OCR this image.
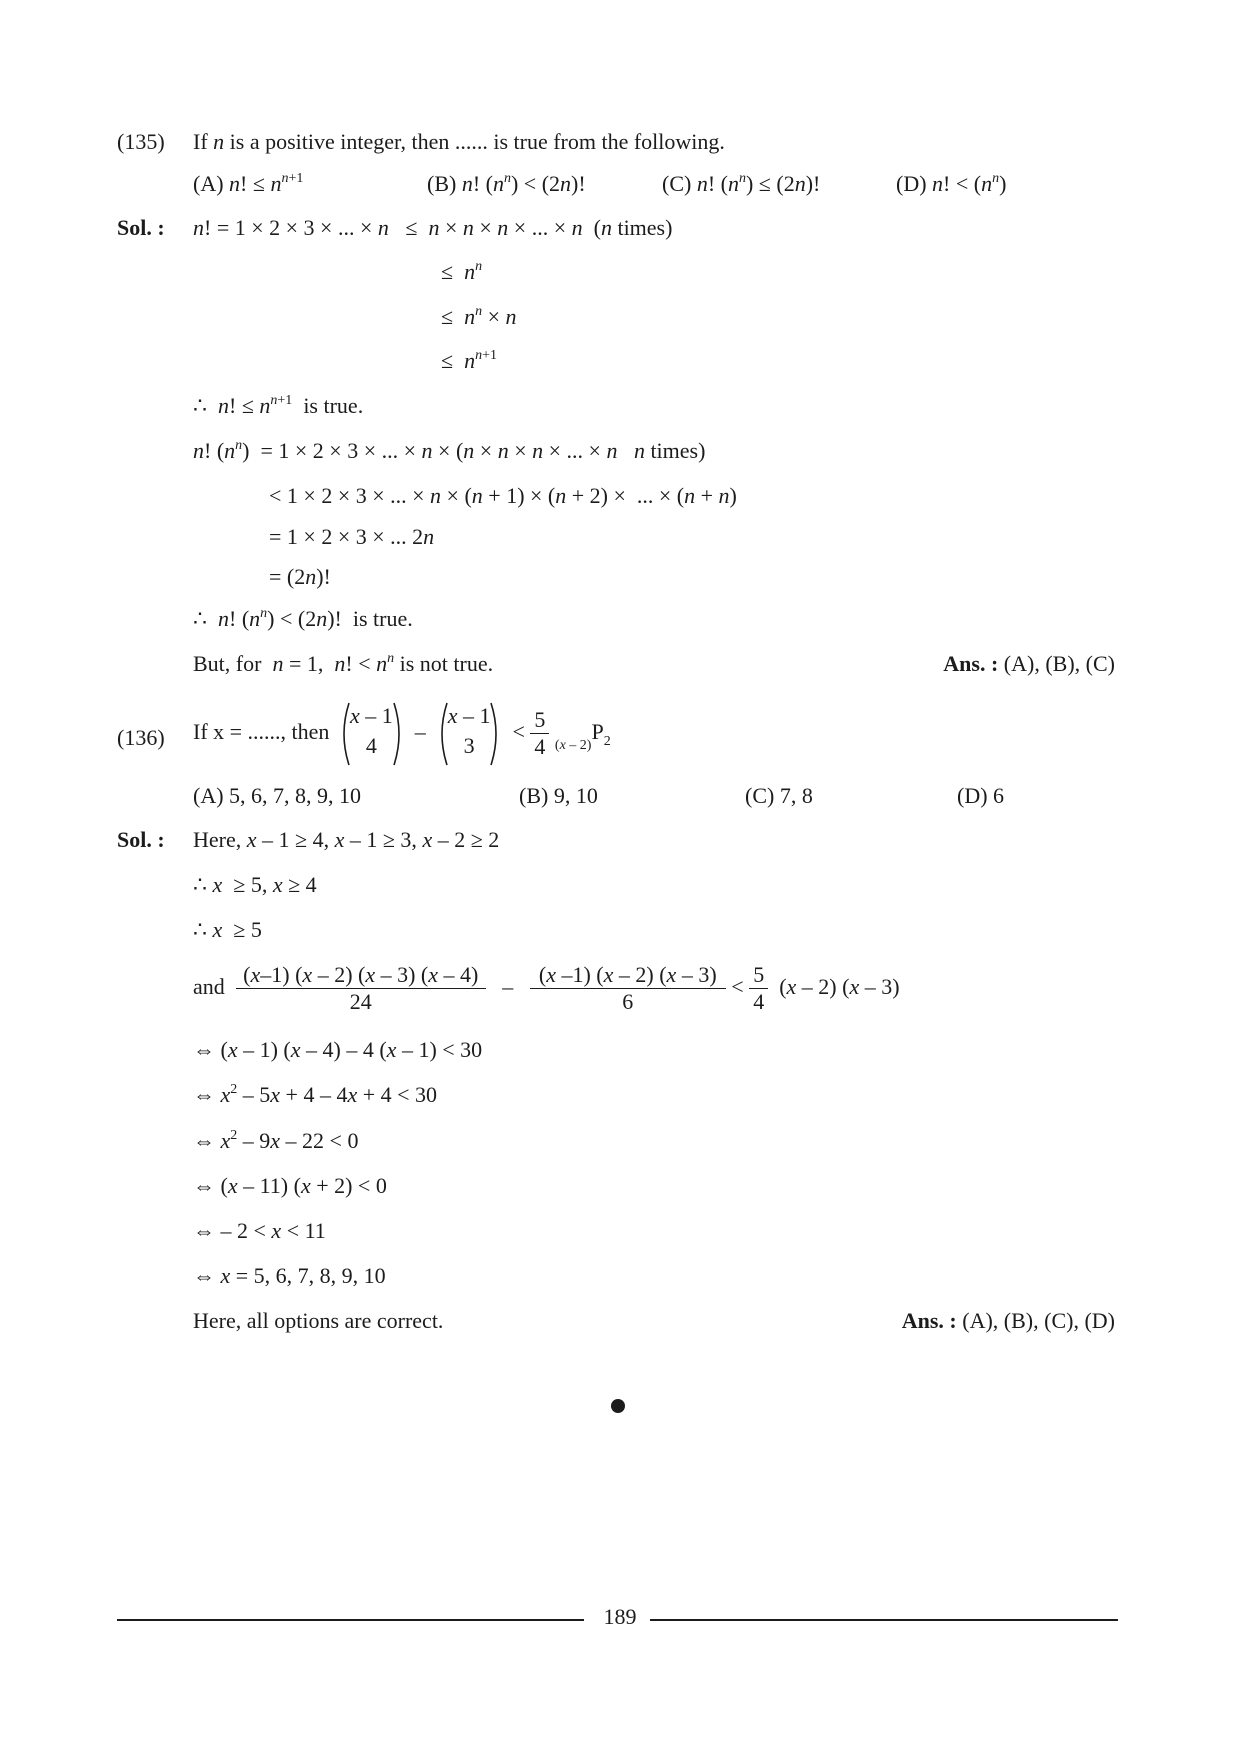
(135) If n is a positive integer, then ...... is true from the following.
(A) n! ≤ $n^{n+1}$	(B) n! $(n^n) < (2n)$!	(C) n! $(n^n) \le (2n)$!	(D) n! < $(n^n)$
Sol. : n! = 1 × 2 × 3 × ... × n   ≤  n × n × n × ... × n  (n times)
≤  $n^n$
≤  $n^n \times n$
≤  $n^{n+1}$
∴  n! ≤ $n^{n+1}$  is true.
n! $(n^n) = 1 \times 2 \times 3$ × ... × n × (n × n × n × ... × n n times)
< 1 × 2 × 3 × ... × n × (n + 1) × (n + 2) ×  ... × (n + n)
= 1 × 2 × 3 × ... 2n
= (2n)!
∴  n! $(n^n) < (2n)$!  is true.
But, for  n = 1,  n! < $n^n$ is not true.	Ans. : (A), (B), (C)
(136) If x = ......, then
x – 1
4
–
x – 1
3
< $\frac{5}{4} _{(x - 2)}P_2$
(A) 5, 6, 7, 8, 9, 10	(B) 9, 10	(C) 7, 8	(D) 6
Sol. : Here, x – 1 ≥ 4, x – 1 ≥ 3, x – 2 ≥ 2
∴ x  ≥ 5, x ≥ 4
∴ x  ≥ 5
and $\frac{(x-1) (x - 2) (x - 3) (x - 4)}{24} - \frac{(x -1) (x - 2) (x - 3)}{6} < \frac{5}{4} (x - 2)$ (x – 3)
⇔ (x – 1) (x – 4) – 4 (x – 1) < 30
⇔ $x^2 - 5x + 4 - 4x + 4 < 30$
⇔ $x^2 - 9x - 22 < 0$
⇔ (x – 11) (x + 2) < 0
⇔ – 2 < x < 11
⇔ x = 5, 6, 7, 8, 9, 10
Here, all options are correct.	Ans. : (A), (B), (C), (D)
189
